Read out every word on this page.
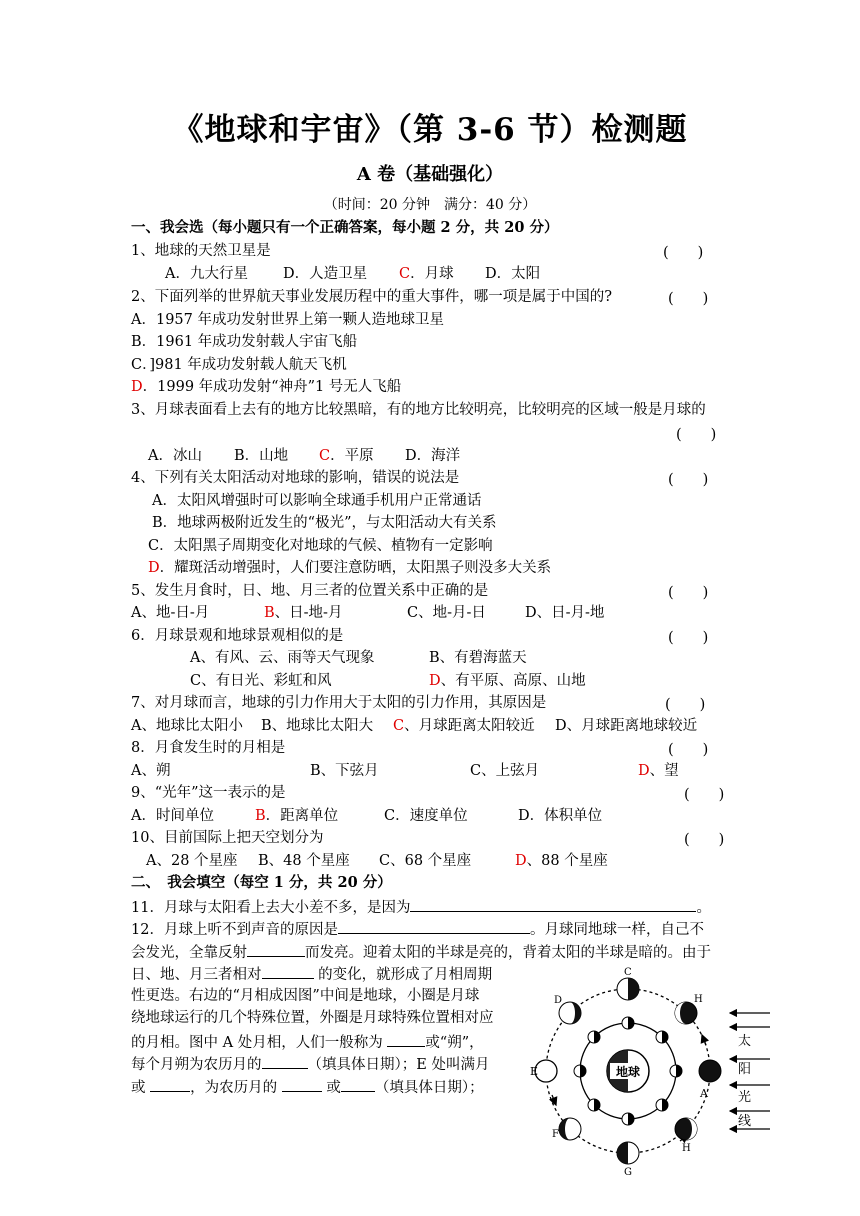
《地球和宇宙》（第 3-6 节）检测题
A 卷（基础强化）
（时间：20 分钟　满分：40 分）
一、我会选（每小题只有一个正确答案，每小题 2 分，共 20 分）
1、地球的天然卫星是	(　　)
A．九大行星 D．人造卫星 C．月球 D．太阳
2、下面列举的世界航天事业发展历程中的重大事件，哪一项是属于中国的?	(　　)
A．1957 年成功发射世界上第一颗人造地球卫星
B．1961 年成功发射载人宇宙飞船
C．]981 年成功发射载人航天飞机
D．1999 年成功发射“神舟”1 号无人飞船
3、月球表面看上去有的地方比较黑暗，有的地方比较明亮，比较明亮的区域一般是月球的
(　　)
A．冰山 B．山地 C．平原 D．海洋
4、下列有关太阳活动对地球的影响，错误的说法是	(　　)
A．太阳风增强时可以影响全球通手机用户正常通话
B．地球两极附近发生的“极光”，与太阳活动大有关系
C．太阳黑子周期变化对地球的气候、植物有一定影响
D．耀斑活动增强时，人们要注意防晒，太阳黑子则没多大关系
5、发生月食时，日、地、月三者的位置关系中正确的是	(　　)
A、地-日-月	B、日-地-月	C、地-月-日	D、日-月-地
6．月球景观和地球景观相似的是	(　　)
A、有风、云、雨等天气现象	B、有碧海蓝天
C、有日光、彩虹和风	D、有平原、高原、山地
7、对月球而言，地球的引力作用大于太阳的引力作用，其原因是	(　　)
A、地球比太阳小 B、地球比太阳大 C、月球距离太阳较近 D、月球距离地球较近
8．月食发生时的月相是	(　　)
A、朔	B、下弦月	C、上弦月	D、望
9、“光年”这一表示的是	(　　)
A．时间单位	B．距离单位	C．速度单位	D．体积单位
10、目前国际上把天空划分为	(　　)
A、28 个星座 B、48 个星座 C、68 个星座	D、88 个星座
二、　我会填空（每空 1 分，共 20 分）
11．月球与太阳看上去大小差不多，是因为	。
12．月球上听不到声音的原因是	。月球同地球一样，自己不
会发光，全靠反射	而发亮。迎着太阳的半球是亮的，背着太阳的半球是暗的。由于
日、地、月三者相对	的变化，就形成了月相周期
性更迭。右边的“月相成因图”中间是地球，小圈是月球
绕地球运行的几个特殊位置，外圈是月球特殊位置相对应
的月相。图中 A 处月相，人们一般称为	或“朔”，
每个月朔为农历月的	（填具体日期）；E 处叫满月
或	，为农历月的	或 （填具体日期）；
地球
A
H
C
D
E
F
G
H
太
阳
光
线
